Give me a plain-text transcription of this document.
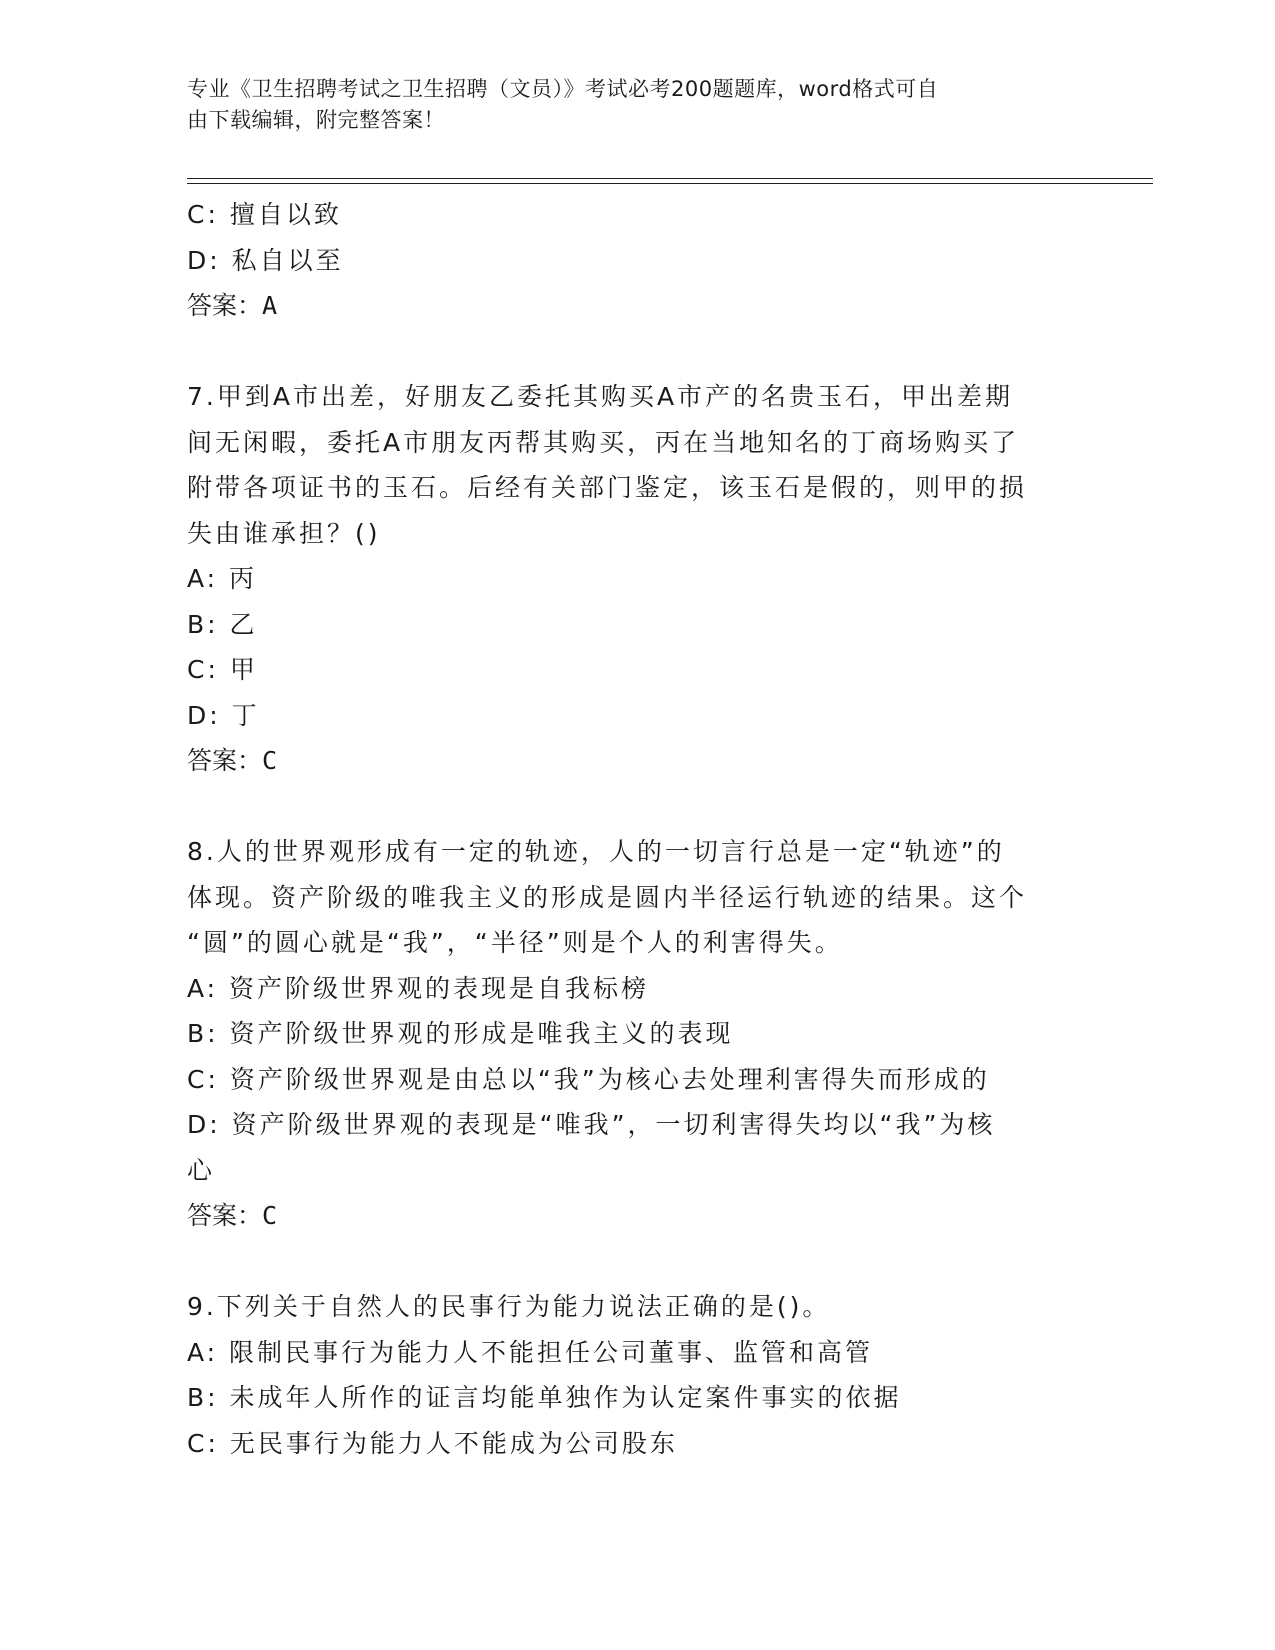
专业《卫生招聘考试之卫生招聘（文员）》考试必考200题题库，word格式可自
由下载编辑，附完整答案！
C: 擅自以致
D: 私自以至
答案：A
7.甲到A市出差，好朋友乙委托其购买A市产的名贵玉石，甲出差期
间无闲暇，委托A市朋友丙帮其购买，丙在当地知名的丁商场购买了
附带各项证书的玉石。后经有关部门鉴定，该玉石是假的，则甲的损
失由谁承担？()
A: 丙
B: 乙
C: 甲
D: 丁
答案：C
8.人的世界观形成有一定的轨迹，人的一切言行总是一定“轨迹”的
体现。资产阶级的唯我主义的形成是圆内半径运行轨迹的结果。这个
“圆”的圆心就是“我”，“半径”则是个人的利害得失。
A: 资产阶级世界观的表现是自我标榜
B: 资产阶级世界观的形成是唯我主义的表现
C: 资产阶级世界观是由总以“我”为核心去处理利害得失而形成的
D: 资产阶级世界观的表现是“唯我”，一切利害得失均以“我”为核
心
答案：C
9.下列关于自然人的民事行为能力说法正确的是()。
A: 限制民事行为能力人不能担任公司董事、监管和高管
B: 未成年人所作的证言均能单独作为认定案件事实的依据
C: 无民事行为能力人不能成为公司股东
